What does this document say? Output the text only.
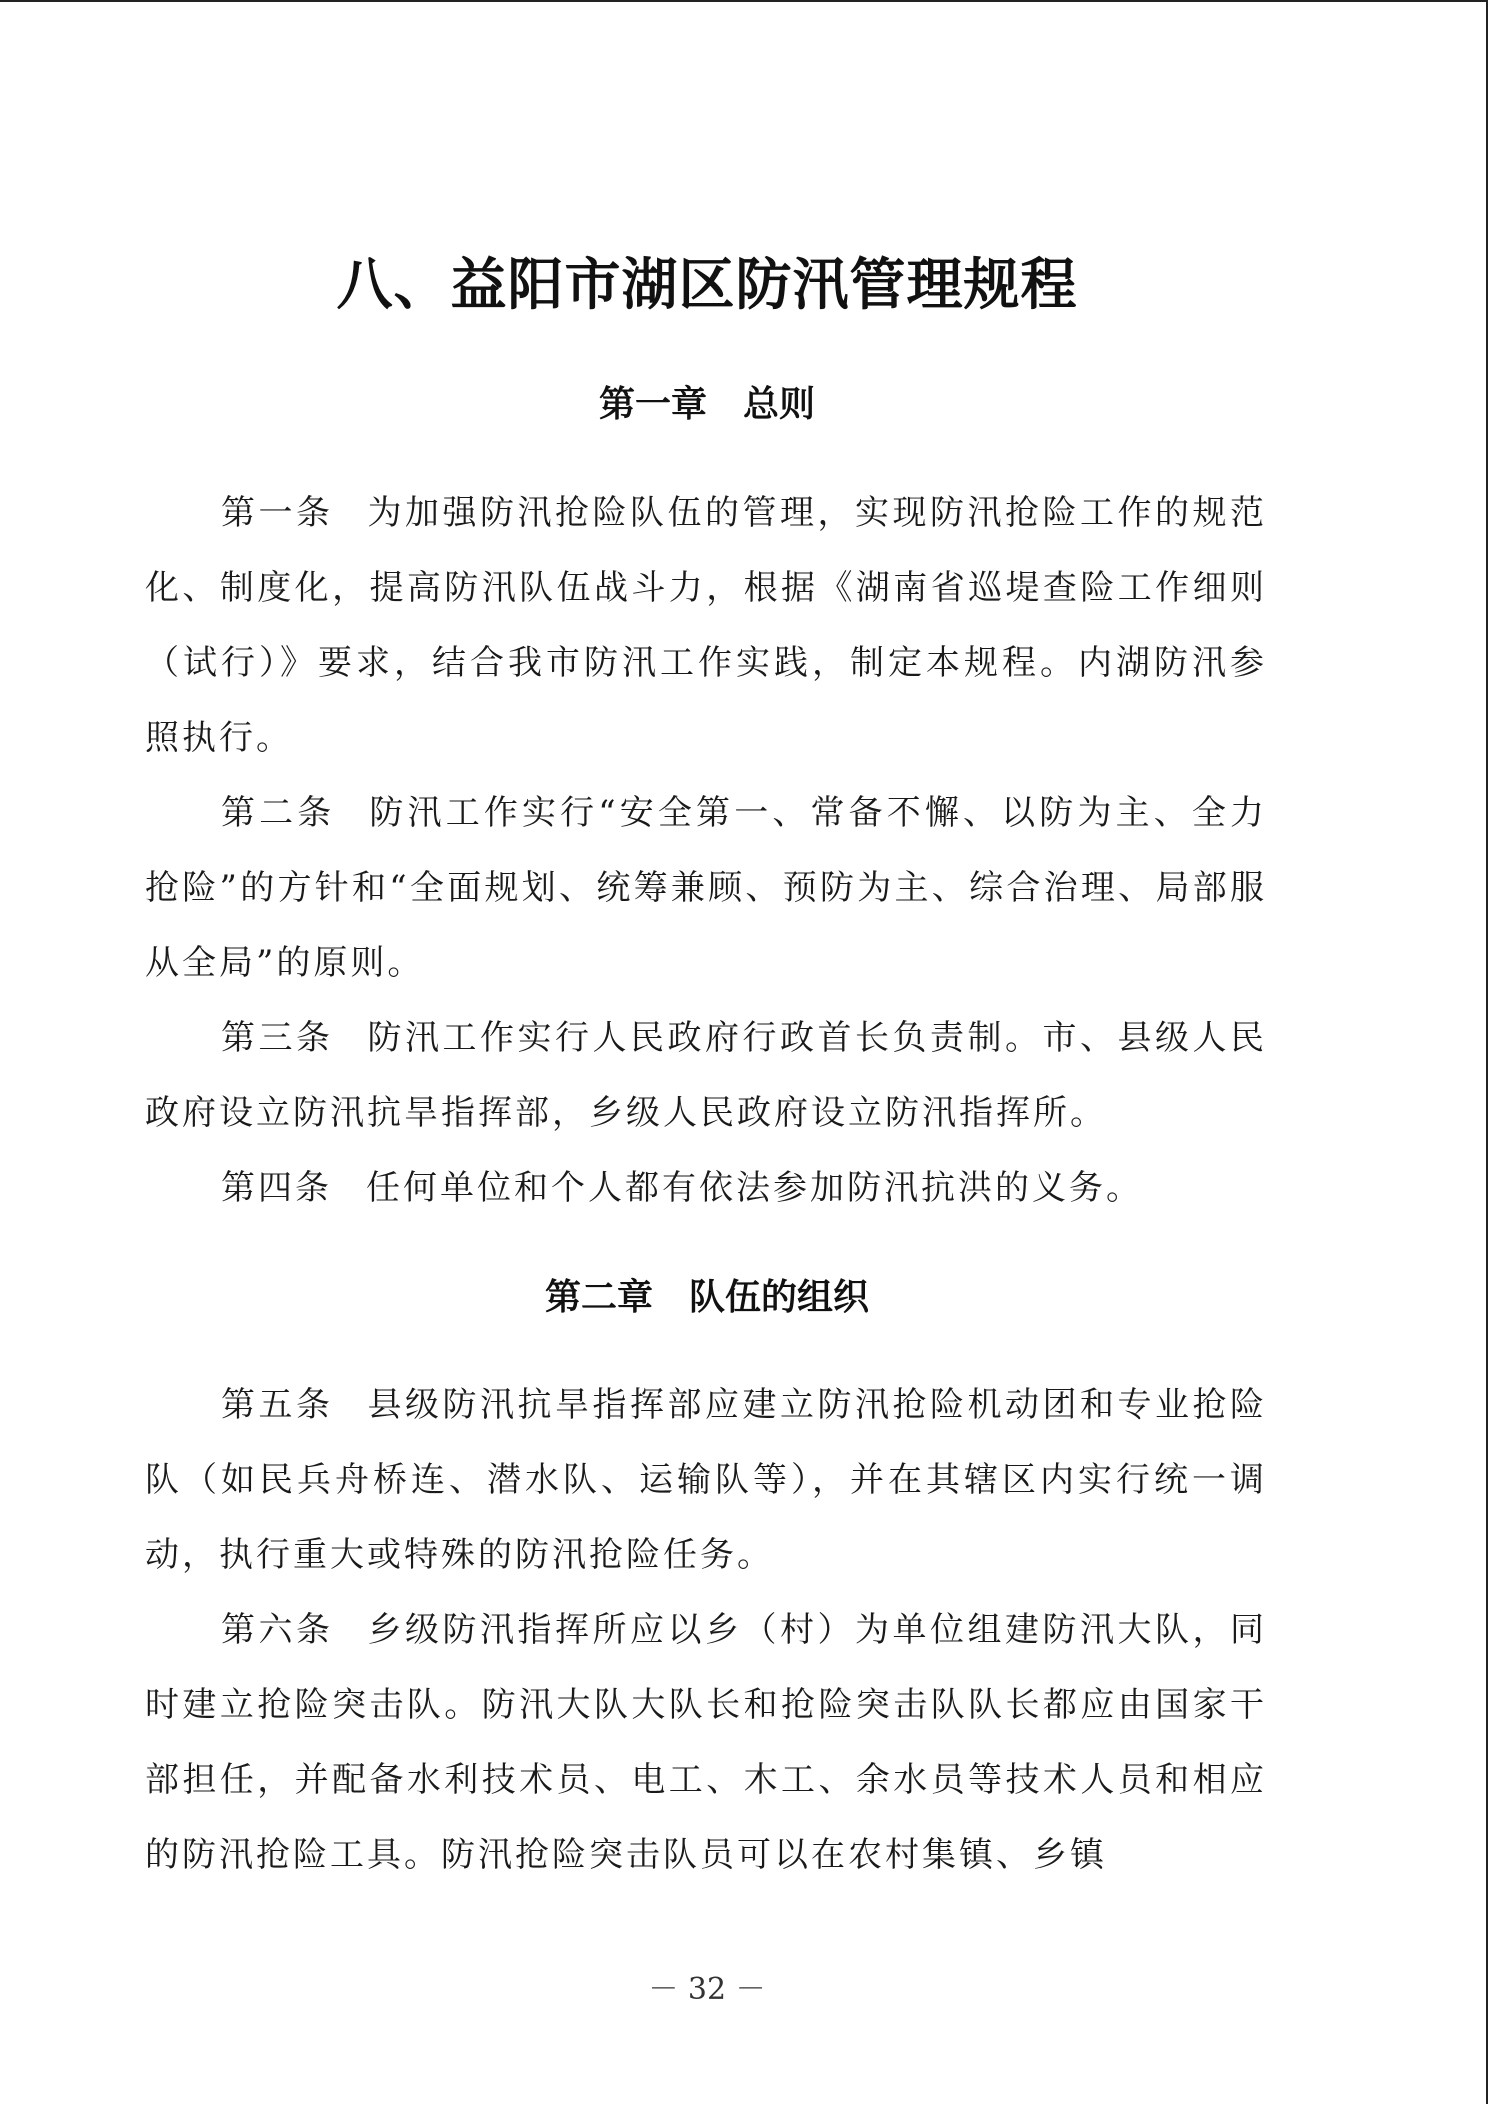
八、益阳市湖区防汛管理规程
第一章 总则

第一条 为加强防汛抢险队伍的管理，实现防汛抢险工作的规范化、制度化，提高防汛队伍战斗力，根据《湖南省巡堤查险工作细则（试行）》要求，结合我市防汛工作实践，制定本规程。内湖防汛参照执行。

第二条 防汛工作实行“安全第一、常备不懈、以防为主、全力抢险”的方针和“全面规划、统筹兼顾、预防为主、综合治理、局部服从全局”的原则。

第三条 防汛工作实行人民政府行政首长负责制。市、县级人民政府设立防汛抗旱指挥部，乡级人民政府设立防汛指挥所。

第四条 任何单位和个人都有依法参加防汛抗洪的义务。

第二章 队伍的组织

第五条 县级防汛抗旱指挥部应建立防汛抢险机动团和专业抢险队（如民兵舟桥连、潜水队、运输队等），并在其辖区内实行统一调动，执行重大或特殊的防汛抢险任务。

第六条 乡级防汛指挥所应以乡（村）为单位组建防汛大队，同时建立抢险突击队。防汛大队大队长和抢险突击队队长都应由国家干部担任，并配备水利技术员、电工、木工、余水员等技术人员和相应的防汛抢险工具。防汛抢险突击队员可以在农村集镇、乡镇

－ 32 －
